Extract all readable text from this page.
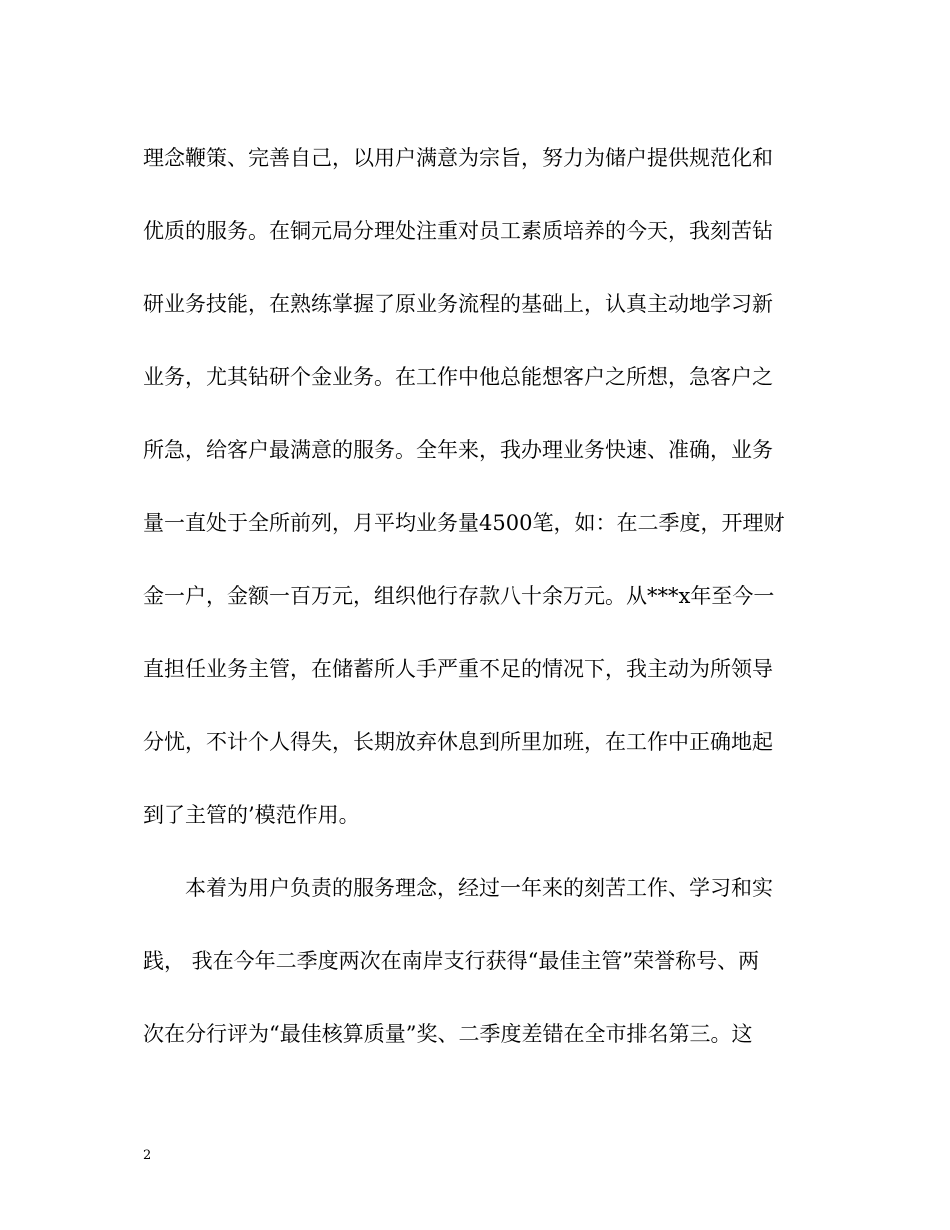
理念鞭策、完善自己，以用户满意为宗旨，努力为储户提供规范化和
优质的服务。在铜元局分理处注重对员工素质培养的今天，我刻苦钻
研业务技能，在熟练掌握了原业务流程的基础上，认真主动地学习新
业务，尤其钻研个金业务。在工作中他总能想客户之所想，急客户之
所急，给客户最满意的服务。全年来，我办理业务快速、准确，业务
量一直处于全所前列，月平均业务量4500笔，如：在二季度，开理财
金一户，金额一百万元，组织他行存款八十余万元。从***x年至今一
直担任业务主管，在储蓄所人手严重不足的情况下，我主动为所领导
分忧，不计个人得失，长期放弃休息到所里加班，在工作中正确地起
到了主管的’模范作用。
本着为用户负责的服务理念，经过一年来的刻苦工作、学习和实
践， 我在今年二季度两次在南岸支行获得“最佳主管”荣誉称号、两
次在分行评为“最佳核算质量”奖、二季度差错在全市排名第三。这
2
